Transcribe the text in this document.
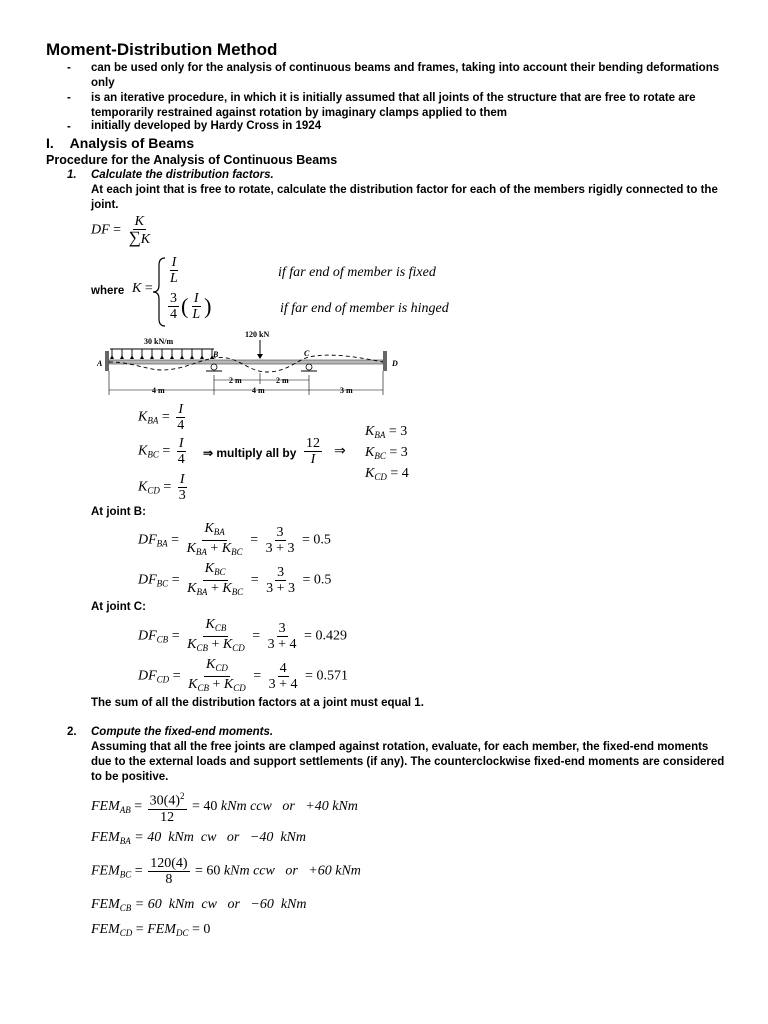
Moment-Distribution Method
- can be used only for the analysis of continuous beams and frames, taking into account their bending deformations only
- is an iterative procedure, in which it is initially assumed that all joints of the structure that are free to rotate are temporarily restrained against rotation by imaginary clamps applied to them
- initially developed by Hardy Cross in 1924
I. Analysis of Beams
Procedure for the Analysis of Continuous Beams
1. Calculate the distribution factors.
At each joint that is free to rotate, calculate the distribution factor for each of the members rigidly connected to the joint.
DF = $\frac{K}{\sum K}$
where K =
$\frac{I}{L}$	if far end of member is fixed
$\frac{3}{4}$ ( $\frac{I}{L}$ )	if far end of member is hinged
30 kN/m
120 kN
A
B	C
D
4 m
2 m	2 m
4 m	3 m
$K_{BA} = \frac{I}{4}$
$K_{BC} = \frac{I}{4}$ ⇒ multiply all by $\frac{12}{I}$ ⇒
$K_{CD} = \frac{I}{3}$
$K_{BA} = 3$
$K_{BC} = 3$
$K_{CD} = 4$
At joint B:
$DF_{BA} = \frac{K_{BA}}{K_{BA} + K_{BC}} = \frac{3}{3 + 3} = 0.5$
$DF_{BC} = \frac{K_{BC}}{K_{BA} + K_{BC}} = \frac{3}{3 + 3} = 0.5$
At joint C:
$DF_{CB} = \frac{K_{CB}}{K_{CB} + K_{CD}} = \frac{3}{3 + 4} = 0.429$
$DF_{CD} = \frac{K_{CD}}{K_{CB} + K_{CD}} = \frac{4}{3 + 4} = 0.571$
The sum of all the distribution factors at a joint must equal 1.
2. Compute the fixed-end moments.
Assuming that all the free joints are clamped against rotation, evaluate, for each member, the fixed-end moments due to the external loads and support settlements (if any). The counterclockwise fixed-end moments are considered to be positive.
$FEM_{AB} = \frac{30(4)^2}{12} = 40$ kNm ccw   or   +40 kNm
$FEM_{BA} = 40$  kNm  cw   or   −40  kNm
$FEM_{BC} = \frac{120(4)}{8} = 60$ kNm ccw   or   +60 kNm
$FEM_{CB} = 60$  kNm  cw   or   −60  kNm
$FEM_{CD} = FEM_{DC} = 0$
